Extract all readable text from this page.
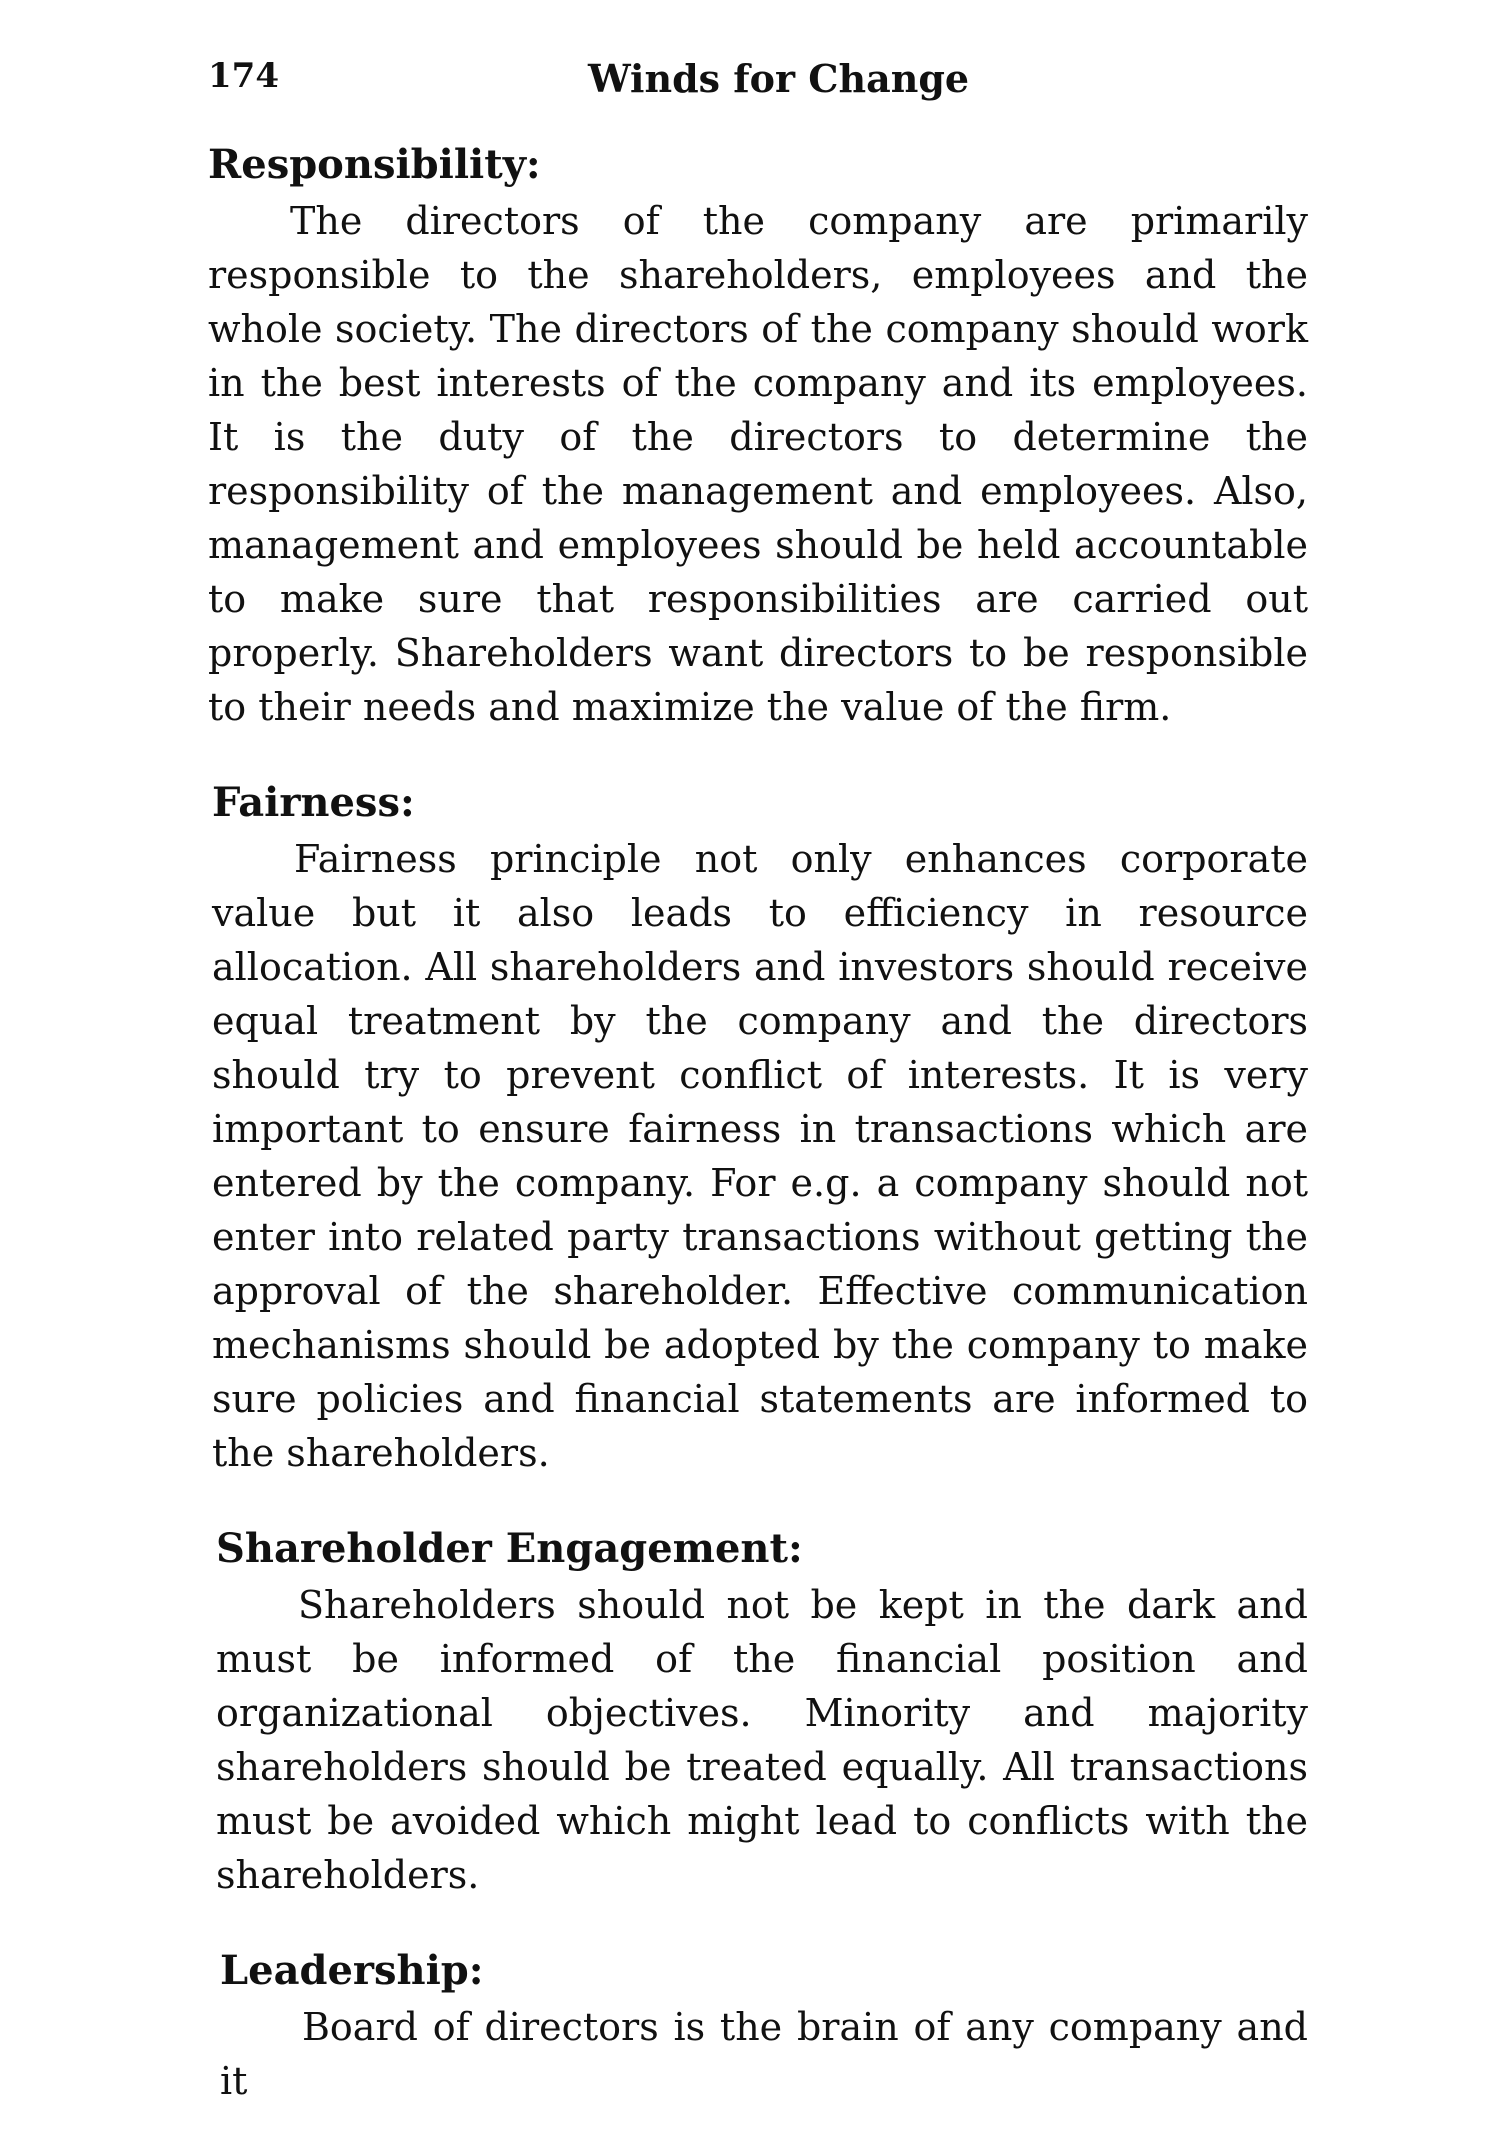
174	Winds for Change
Responsibility:

The directors of the company are primarily responsible to the shareholders, employees and the whole society. The directors of the company should work in the best interests of the company and its employees. It is the duty of the directors to determine the responsibility of the management and employees. Also, management and employees should be held accountable to make sure that responsibilities are carried out properly. Shareholders want directors to be responsible to their needs and maximize the value of the firm.

Fairness:

Fairness principle not only enhances corporate value but it also leads to efficiency in resource allocation. All shareholders and investors should receive equal treatment by the company and the directors should try to prevent conflict of interests. It is very important to ensure fairness in transactions which are entered by the company. For e.g. a company should not enter into related party transactions without getting the approval of the shareholder. Effective communication mechanisms should be adopted by the company to make sure policies and financial statements are informed to the shareholders.

Shareholder Engagement:

Shareholders should not be kept in the dark and must be informed of the financial position and organizational objectives. Minority and majority shareholders should be treated equally. All transactions must be avoided which might lead to conflicts with the shareholders.

Leadership:

Board of directors is the brain of any company and it
